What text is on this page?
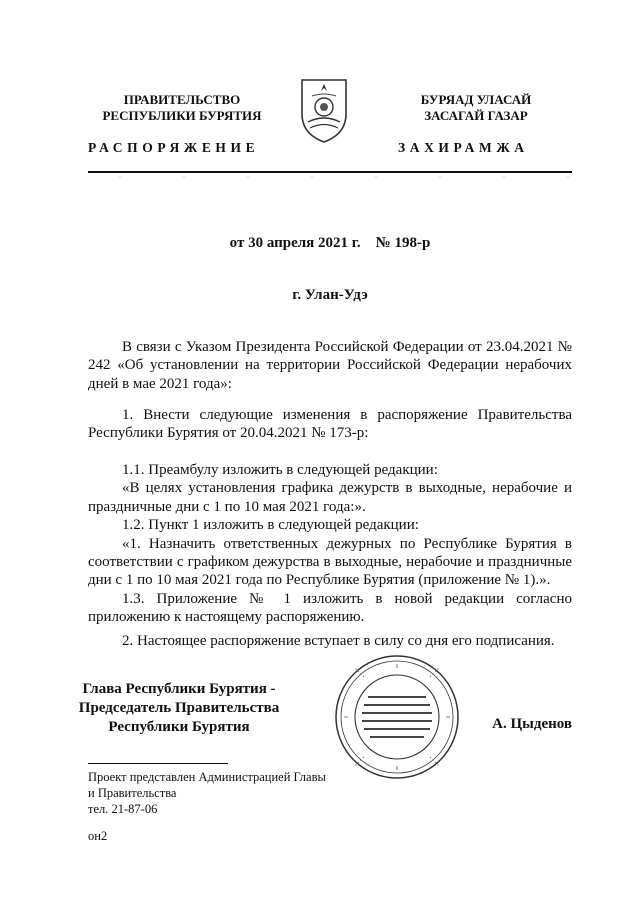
ПРАВИТЕЛЬСТВО
РЕСПУБЛИКИ БУРЯТИЯ
БУРЯАД УЛАСАЙ
ЗАСАГАЙ ГАЗАР
РАСПОРЯЖЕНИЕ	ЗАХИРАМЖА
от 30 апреля 2021 г.    № 198-р
г. Улан-Удэ

В связи с Указом Президента Российской Федерации от 23.04.2021 № 242 «Об установлении на территории Российской Федерации нерабочих дней в мае 2021 года»:

1. Внести следующие изменения в распоряжение Правительства Республики Бурятия от 20.04.2021 № 173-р:

1.1. Преамбулу изложить в следующей редакции:

«В целях установления графика дежурств в выходные, нерабочие и праздничные дни с 1 по 10 мая 2021 года:».

1.2. Пункт 1 изложить в следующей редакции:

«1. Назначить ответственных дежурных по Республике Бурятия в соответствии с графиком дежурства в выходные, нерабочие и праздничные дни с 1 по 10 мая 2021 года по Республике Бурятия (приложение № 1).».

1.3. Приложение № 1 изложить в новой редакции согласно приложению к настоящему распоряжению.

2. Настоящее распоряжение вступает в силу со дня его подписания.

Глава Республики Бурятия -
Председатель Правительства
Республики Бурятия	А. Цыденов
Проект представлен Администрацией Главы
и Правительства
тел. 21-87-06
он2
